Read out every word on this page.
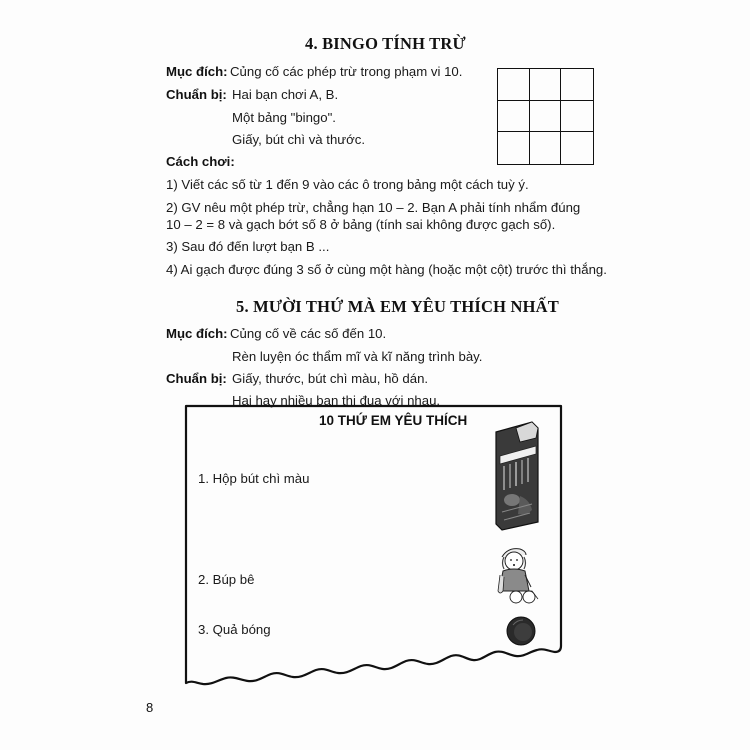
4. BINGO TÍNH TRỪ
Mục đích: Củng cố các phép trừ trong phạm vi 10.
Chuẩn bị: Hai bạn chơi A, B.
Một bảng "bingo".
Giấy, bút chì và thước.
Cách chơi:
1) Viết các số từ 1 đến 9 vào các ô trong bảng một cách tuỳ ý.
2) GV nêu một phép trừ, chẳng hạn 10 – 2. Bạn A phải tính nhẩm đúng
10 – 2 = 8 và gạch bớt số 8 ở bảng (tính sai không được gạch số).
3) Sau đó đến lượt bạn B ...
4) Ai gạch được đúng 3 số ở cùng một hàng (hoặc một cột) trước thì thắng.
5. MƯỜI THỨ MÀ EM YÊU THÍCH NHẤT
Mục đích: Củng cố về các số đến 10.
Rèn luyện óc thẩm mĩ và kĩ năng trình bày.
Chuẩn bị: Giấy, thước, bút chì màu, hồ dán.
Hai hay nhiều bạn thi đua với nhau.
10 THỨ EM YÊU THÍCH
1. Hộp bút chì màu
2. Búp bê
3. Quả bóng
8
